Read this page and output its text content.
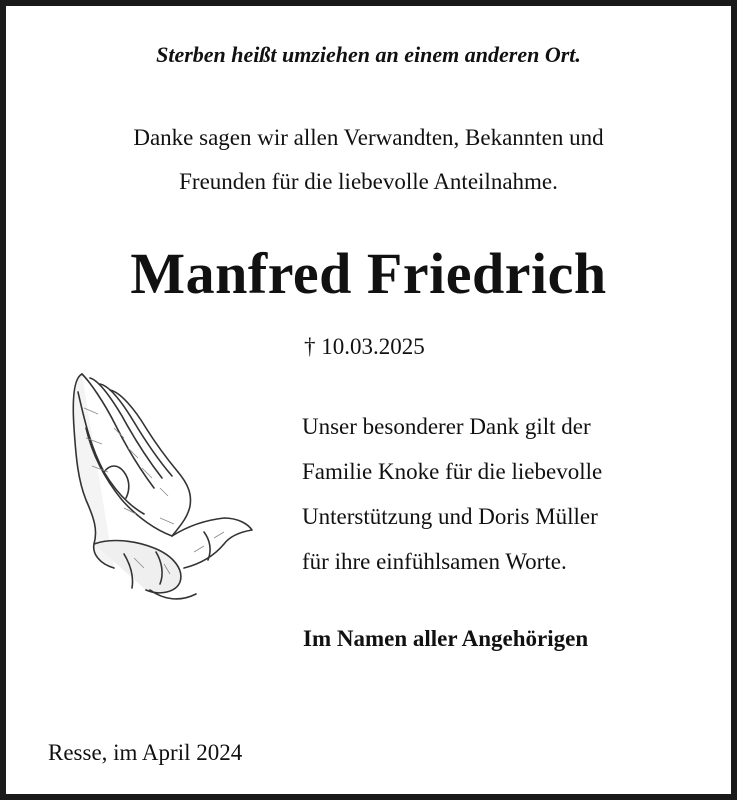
Sterben heißt umziehen an einem anderen Ort.
Danke sagen wir allen Verwandten, Bekannten und
Freunden für die liebevolle Anteilnahme.
Manfred Friedrich
† 10.03.2025
Unser besonderer Dank gilt der
Familie Knoke für die liebevolle
Unterstützung und Doris Müller
für ihre einfühlsamen Worte.
Im Namen aller Angehörigen
Resse, im April 2024
